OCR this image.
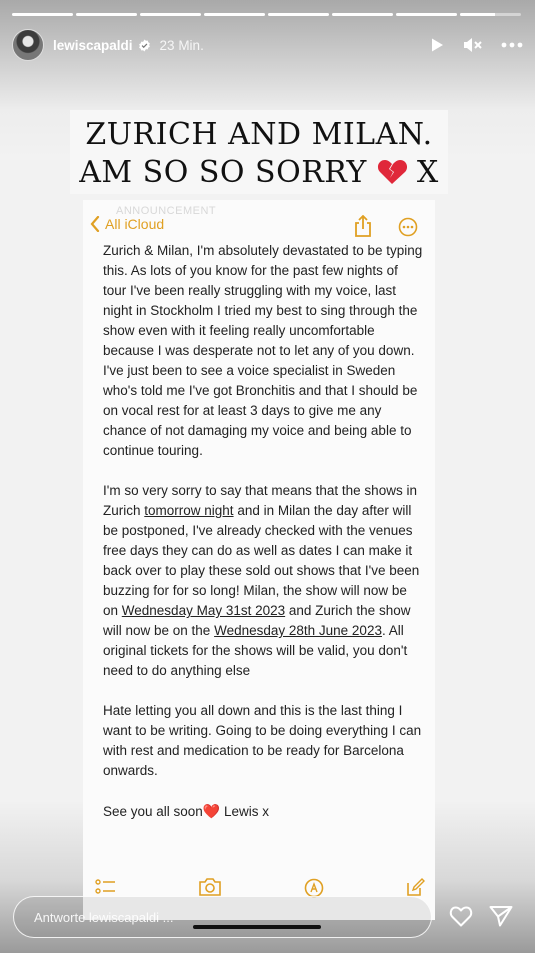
lewiscapaldi 23 Min.
ZURICH AND MILAN.
AM SO SO SORRY X
ANNOUNCEMENT
All iCloud

Zurich & Milan, I'm absolutely devastated to be typing this. As lots of you know for the past few nights of tour I've been really struggling with my voice, last night in Stockholm I tried my best to sing through the show even with it feeling really uncomfortable because I was desperate not to let any of you down. I've just been to see a voice specialist in Sweden who's told me I've got Bronchitis and that I should be on vocal rest for at least 3 days to give me any chance of not damaging my voice and being able to continue touring.

I'm so very sorry to say that means that the shows in Zurich tomorrow night and in Milan the day after will be postponed, I've already checked with the venues free days they can do as well as dates I can make it back over to play these sold out shows that I've been buzzing for for so long! Milan, the show will now be on Wednesday May 31st 2023 and Zurich the show will now be on the Wednesday 28th June 2023. All original tickets for the shows will be valid, you don't need to do anything else

Hate letting you all down and this is the last thing I want to be writing. Going to be doing everything I can with rest and medication to be ready for Barcelona onwards.

See you all soon❤️ Lewis x

Antworte lewiscapaldi ...
